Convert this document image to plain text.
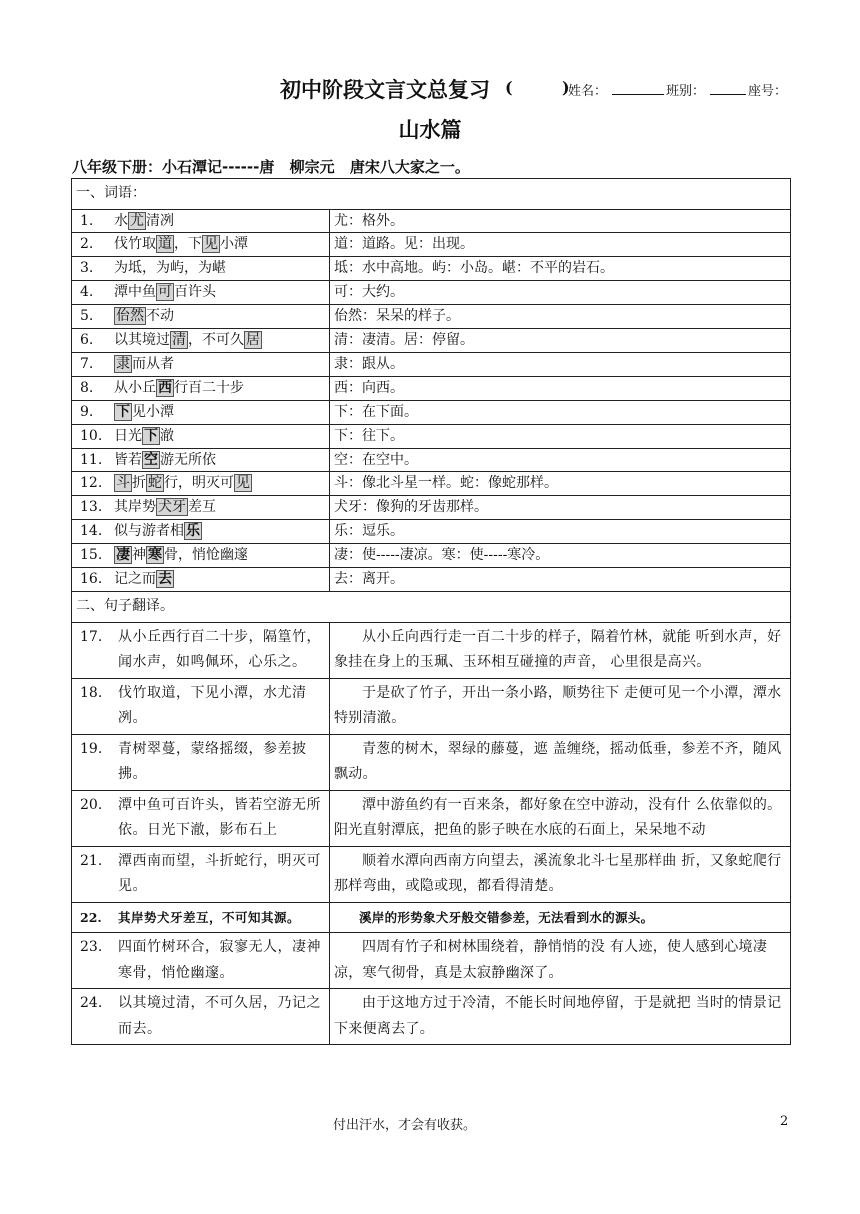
初中阶段文言文总复习 (	)
姓名：	班别：	座号：
山水篇
八年级下册：小石潭记------唐 柳宗元 唐宋八大家之一。
一、词语：	
1. 水 尤 清冽	尤：格外。
2. 伐竹取 道 ，下 见 小潭	道：道路。见：出现。
3. 为坻，为屿，为嵁	坻：水中高地。屿：小岛。嵁：不平的岩石。
4. 潭中鱼 可 百许头	可：大约。
5. 佁然 不动	佁然：呆呆的样子。
6. 以其境过 清 ，不可久 居	清：凄清。居：停留。
7. 隶 而从者	隶：跟从。
8. 从小丘 西 行百二十步	西：向西。
9. 下 见小潭	下：在下面。
10. 日光 下 澈	下：往下。
11. 皆若 空 游无所依	空：在空中。
12. 斗 折 蛇 行，明灭可 见	斗：像北斗星一样。蛇：像蛇那样。
13. 其岸势 犬牙 差互	犬牙：像狗的牙齿那样。
14. 似与游者相 乐	乐：逗乐。
15. 凄 神 寒 骨，悄怆幽邃	凄：使-----凄凉。寒：使-----寒冷。
16. 记之而 去	去：离开。
二、句子翻译。	

17. 从小丘西行百二十步，隔篁竹，闻水声，如鸣佩环，心乐之。	从小丘向西行走一百二十步的样子，隔着竹林，就能 听到水声，好象挂在身上的玉珮、玉环相互碰撞的声音， 心里很是高兴。

18. 伐竹取道，下见小潭，水尤清冽。	于是砍了竹子，开出一条小路，顺势往下 走便可见一个小潭，潭水特别清澈。

19. 青树翠蔓，蒙络摇缀，参差披拂。	青葱的树木，翠绿的藤蔓，遮 盖缠绕，摇动低垂，参差不齐，随风飘动。

20. 潭中鱼可百许头，皆若空游无所依。日光下澈，影布石上	潭中游鱼约有一百来条，都好象在空中游动，没有什 么依靠似的。阳光直射潭底，把鱼的影子映在水底的石面上，呆呆地不动

21. 潭西南而望，斗折蛇行，明灭可见。	顺着水潭向西南方向望去，溪流象北斗七星那样曲 折，又象蛇爬行那样弯曲，或隐或现，都看得清楚。

22. 其岸势犬牙差互，不可知其源。	溪岸的形势象犬牙般交错参差，无法看到水的源头。

23. 四面竹树环合，寂寥无人，凄神寒骨，悄怆幽邃。	四周有竹子和树林围绕着，静悄悄的没 有人迹，使人感到心境凄凉，寒气彻骨，真是太寂静幽深了。

24. 以其境过清，不可久居，乃记之而去。	由于这地方过于冷清，不能长时间地停留，于是就把 当时的情景记下来便离去了。
付出汗水，才会有收获。	2
